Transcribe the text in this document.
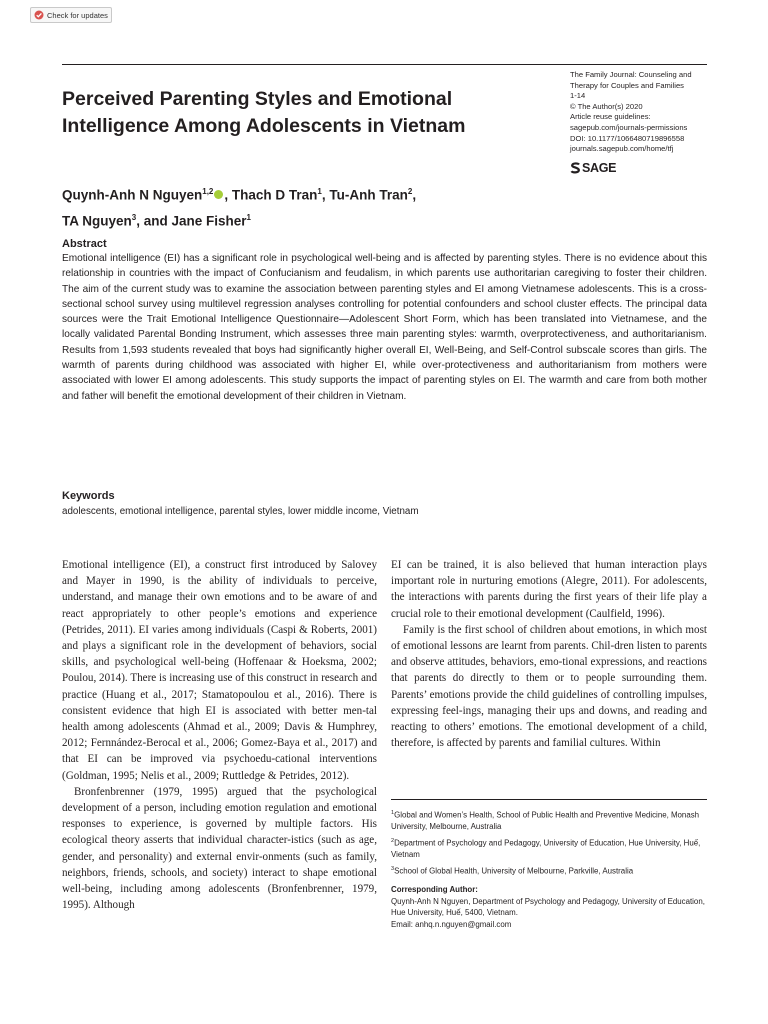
Check for updates
Perceived Parenting Styles and Emotional Intelligence Among Adolescents in Vietnam
The Family Journal: Counseling and
Therapy for Couples and Families
1-14
© The Author(s) 2020
Article reuse guidelines:
sagepub.com/journals-permissions
DOI: 10.1177/1066480719896558
journals.sagepub.com/home/tfj
SAGE

Quynh-Anh N Nguyen$^{1,2}$ , Thach D Tran$^1$, Tu-Anh Tran$^2$,
TA Nguyen$^3$, and Jane Fisher$^1$

Abstract

Emotional intelligence (EI) has a significant role in psychological well-being and is affected by parenting styles. There is no evidence about this relationship in countries with the impact of Confucianism and feudalism, in which parents use authoritarian caregiving to foster their children. The aim of the current study was to examine the association between parenting styles and EI among Vietnamese adolescents. This is a cross-sectional school survey using multilevel regression analyses controlling for potential confounders and school cluster effects. The principal data sources were the Trait Emotional Intelligence Questionnaire—Adolescent Short Form, which has been translated into Vietnamese, and the locally validated Parental Bonding Instrument, which assesses three main parenting styles: warmth, overprotectiveness, and authoritarianism. Results from 1,593 students revealed that boys had significantly higher overall EI, Well-Being, and Self-Control subscale scores than girls. The warmth of parents during childhood was associated with higher EI, while over-protectiveness and authoritarianism from mothers were associated with lower EI among adolescents. This study supports the impact of parenting styles on EI. The warmth and care from both mother and father will benefit the emotional development of their children in Vietnam.

Keywords

adolescents, emotional intelligence, parental styles, lower middle income, Vietnam

Emotional intelligence (EI), a construct first introduced by Salovey and Mayer in 1990, is the ability of individuals to perceive, understand, and manage their own emotions and to be aware of and react appropriately to other people’s emotions and experience (Petrides, 2011). EI varies among individuals (Caspi & Roberts, 2001) and plays a significant role in the development of behaviors, social skills, and psychological well-being (Hoffenaar & Hoeksma, 2002; Poulou, 2014). There is increasing use of this construct in research and practice (Huang et al., 2017; Stamatopoulou et al., 2016). There is consistent evidence that high EI is associated with better men-tal health among adolescents (Ahmad et al., 2009; Davis & Humphrey, 2012; Fernnández-Berocal et al., 2006; Gomez-Baya et al., 2017) and that EI can be improved via psychoedu-cational interventions (Goldman, 1995; Nelis et al., 2009; Ruttledge & Petrides, 2012).

Bronfenbrenner (1979, 1995) argued that the psychological development of a person, including emotion regulation and emotional responses to experience, is governed by multiple factors. His ecological theory asserts that individual character-istics (such as age, gender, and personality) and external envir-onments (such as family, neighbors, friends, schools, and society) interact to shape emotional well-being, including among adolescents (Bronfenbrenner, 1979, 1995). Although

EI can be trained, it is also believed that human interaction plays important role in nurturing emotions (Alegre, 2011). For adolescents, the interactions with parents during the first years of their life play a crucial role to their emotional development (Caulfield, 1996).

Family is the first school of children about emotions, in which most of emotional lessons are learnt from parents. Chil-dren listen to parents and observe attitudes, behaviors, emo-tional expressions, and reactions that parents do directly to them or to people surrounding them. Parents’ emotions provide the child guidelines of controlling impulses, expressing feel-ings, managing their ups and downs, and reading and reacting to others’ emotions. The emotional development of a child, therefore, is affected by parents and familial cultures. Within

$^1$Global and Women’s Health, School of Public Health and Preventive Medicine, Monash University, Melbourne, Australia

$^2$Department of Psychology and Pedagogy, University of Education, Hue University, Huế, Vietnam

$^3$School of Global Health, University of Melbourne, Parkville, Australia

Corresponding Author:

Quynh-Anh N Nguyen, Department of Psychology and Pedagogy, University of Education, Hue University, Huế, 5400, Vietnam.

Email: anhq.n.nguyen@gmail.com
